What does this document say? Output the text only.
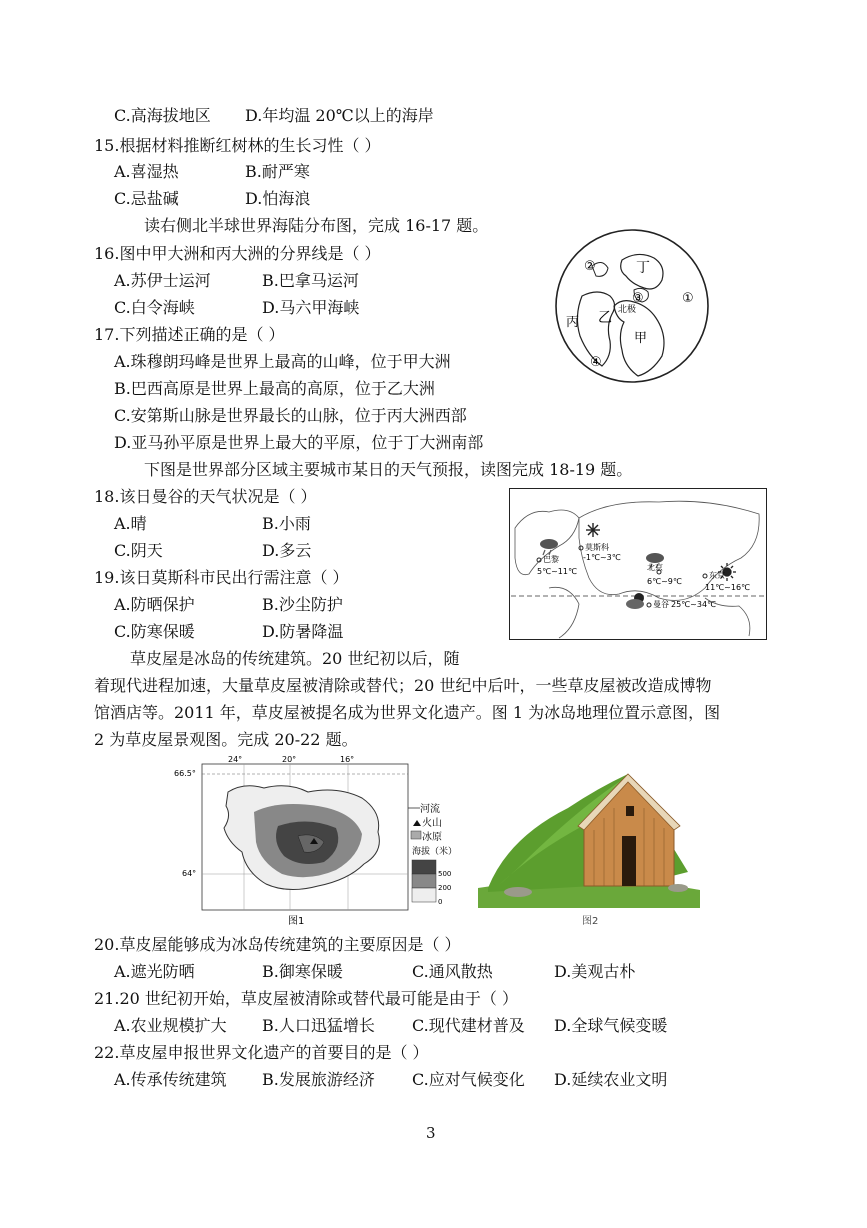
C.高海拔地区 D.年均温 20℃以上的海岸
15.根据材料推断红树林的生长习性（ ）
A.喜湿热	B.耐严寒
C.忌盐碱	D.怕海浪
读右侧北半球世界海陆分布图，完成 16-17 题。
16.图中甲大洲和丙大洲的分界线是（ ）
A.苏伊士运河	B.巴拿马运河
C.白令海峡	D.马六甲海峡
17.下列描述正确的是（ ）
A.珠穆朗玛峰是世界上最高的山峰，位于甲大洲
B.巴西高原是世界上最高的高原，位于乙大洲
C.安第斯山脉是世界最长的山脉，位于丙大洲西部
D.亚马孙平原是世界上最大的平原，位于丁大洲南部
下图是世界部分区域主要城市某日的天气预报，读图完成 18-19 题。
18.该日曼谷的天气状况是（ ）
A.晴	B.小雨
C.阴天	D.多云
19.该日莫斯科市民出行需注意（ ）
A.防晒保护	B.沙尘防护
C.防寒保暖	D.防暑降温
草皮屋是冰岛的传统建筑。20 世纪初以后，随
着现代进程加速，大量草皮屋被清除或替代；20 世纪中后叶，一些草皮屋被改造成博物
馆酒店等。2011 年，草皮屋被提名成为世界文化遗产。图 1 为冰岛地理位置示意图，图
2 为草皮屋景观图。完成 20-22 题。
②	丁
③	①
北极
乙
丙
甲
④
莫斯科
-1℃~3℃
巴黎
5℃~11℃	北京
6℃~9℃
东京
11℃~16℃
曼谷 25℃~34℃
24°	20°	16°
66.5°
64°
河流
火山
冰原
海拔（米）
500
200
0
图1	图2
20.草皮屋能够成为冰岛传统建筑的主要原因是（ ）
A.遮光防晒	B.御寒保暖	C.通风散热	D.美观古朴
21.20 世纪初开始，草皮屋被清除或替代最可能是由于（ ）
A.农业规模扩大 B.人口迅猛增长 C.现代建材普及 D.全球气候变暖
22.草皮屋申报世界文化遗产的首要目的是（ ）
A.传承传统建筑 B.发展旅游经济 C.应对气候变化 D.延续农业文明
3
